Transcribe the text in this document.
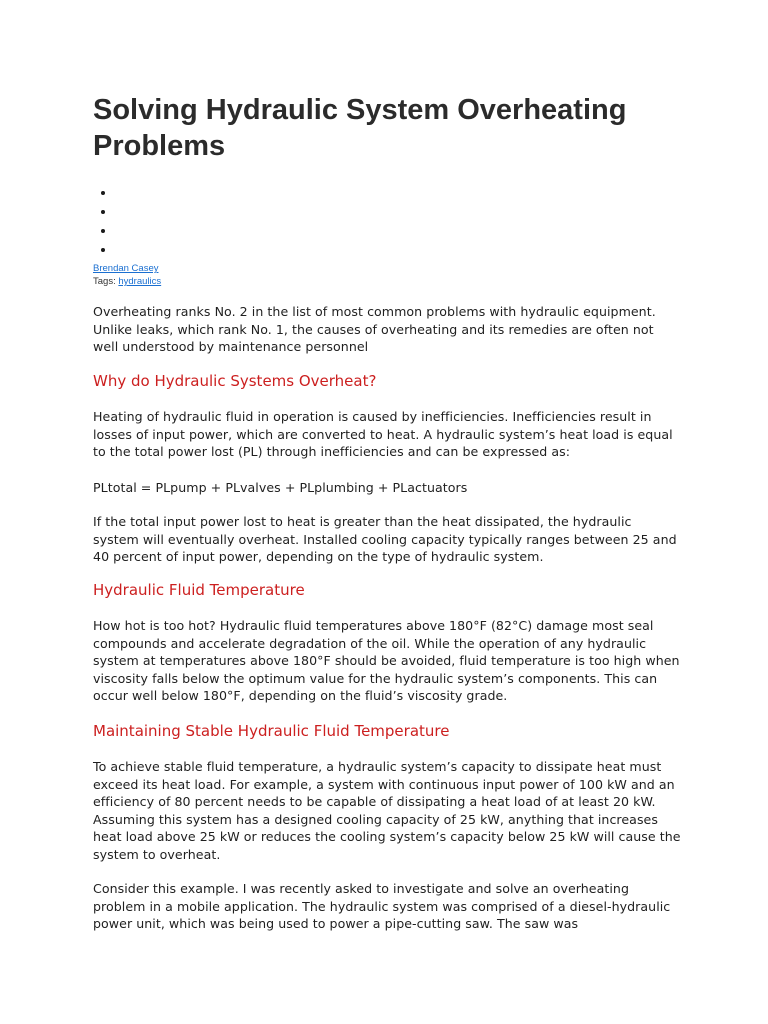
Solving Hydraulic System Overheating Problems
Brendan Casey
Tags: hydraulics

Overheating ranks No. 2 in the list of most common problems with hydraulic equipment. Unlike leaks, which rank No. 1, the causes of overheating and its remedies are often not well understood by maintenance personnel

Why do Hydraulic Systems Overheat?

Heating of hydraulic fluid in operation is caused by inefficiencies. Inefficiencies result in losses of input power, which are converted to heat. A hydraulic system’s heat load is equal to the total power lost (PL) through inefficiencies and can be expressed as:

PLtotal = PLpump + PLvalves + PLplumbing + PLactuators

If the total input power lost to heat is greater than the heat dissipated, the hydraulic system will eventually overheat. Installed cooling capacity typically ranges between 25 and 40 percent of input power, depending on the type of hydraulic system.

Hydraulic Fluid Temperature

How hot is too hot? Hydraulic fluid temperatures above 180°F (82°C) damage most seal compounds and accelerate degradation of the oil. While the operation of any hydraulic system at temperatures above 180°F should be avoided, fluid temperature is too high when viscosity falls below the optimum value for the hydraulic system’s components. This can occur well below 180°F, depending on the fluid’s viscosity grade.

Maintaining Stable Hydraulic Fluid Temperature

To achieve stable fluid temperature, a hydraulic system’s capacity to dissipate heat must exceed its heat load. For example, a system with continuous input power of 100 kW and an efficiency of 80 percent needs to be capable of dissipating a heat load of at least 20 kW. Assuming this system has a designed cooling capacity of 25 kW, anything that increases heat load above 25 kW or reduces the cooling system’s capacity below 25 kW will cause the system to overheat.

Consider this example. I was recently asked to investigate and solve an overheating problem in a mobile application. The hydraulic system was comprised of a diesel-hydraulic power unit, which was being used to power a pipe-cutting saw. The saw was
